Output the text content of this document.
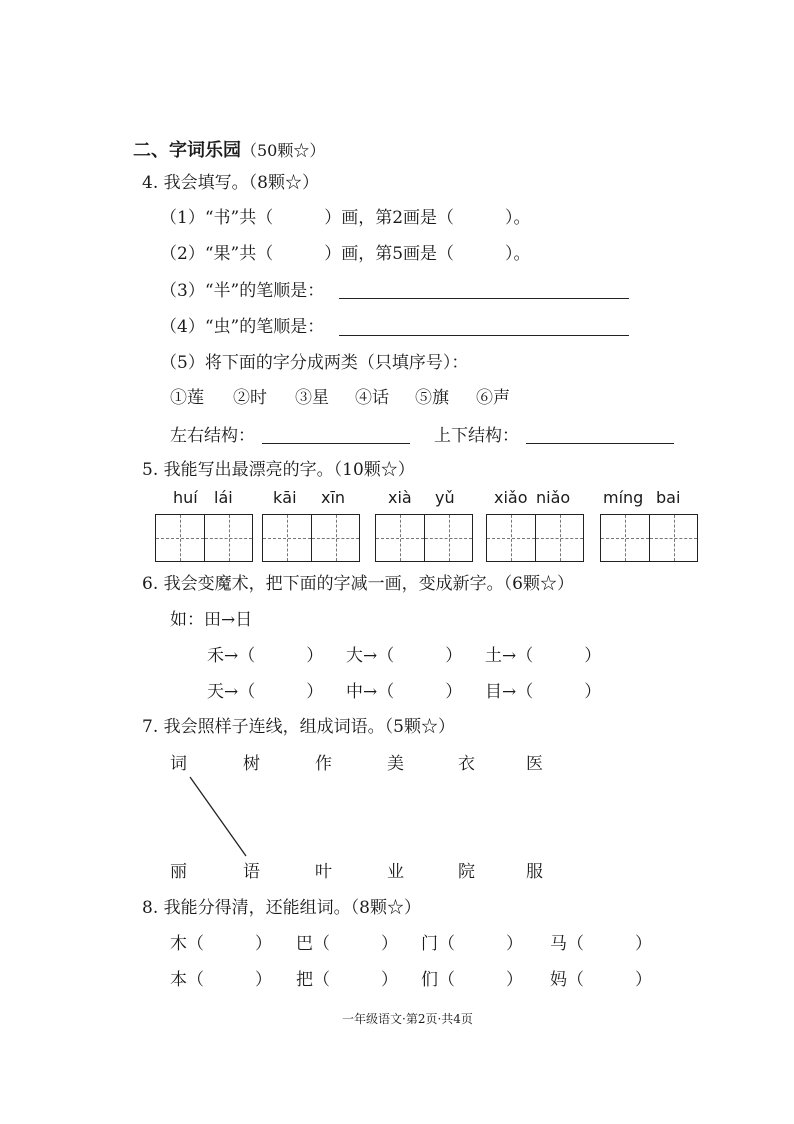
二、字词乐园（50颗☆）
4. 我会填写。（8颗☆）
（1）“书”共（　　　）画，第2画是（　　　）。
（2）“果”共（　　　）画，第5画是（　　　）。
（3）“半”的笔顺是：
（4）“虫”的笔顺是：
（5）将下面的字分成两类（只填序号）：
①莲 ②时 ③星 ④话 ⑤旗 ⑥声
左右结构：	上下结构：
5. 我能写出最漂亮的字。（10颗☆）
huí lái	kāi xīn	xià yǔ xiǎo niǎo míng bai
6. 我会变魔术，把下面的字减一画，变成新字。（6颗☆）
如：田→日
禾→（　　　） 大→（　　　） 土→（　　　）
天→（　　　） 中→（　　　） 目→（　　　）
7. 我会照样子连线，组成词语。（5颗☆）
词	树	作	美	衣	医
丽	语	叶	业	院	服
8. 我能分得清，还能组词。（8颗☆）
木（　　　） 巴（　　　） 门（　　　） 马（　　　）
本（　　　） 把（　　　） 们（　　　） 妈（　　　）
一年级语文·第2页·共4页
